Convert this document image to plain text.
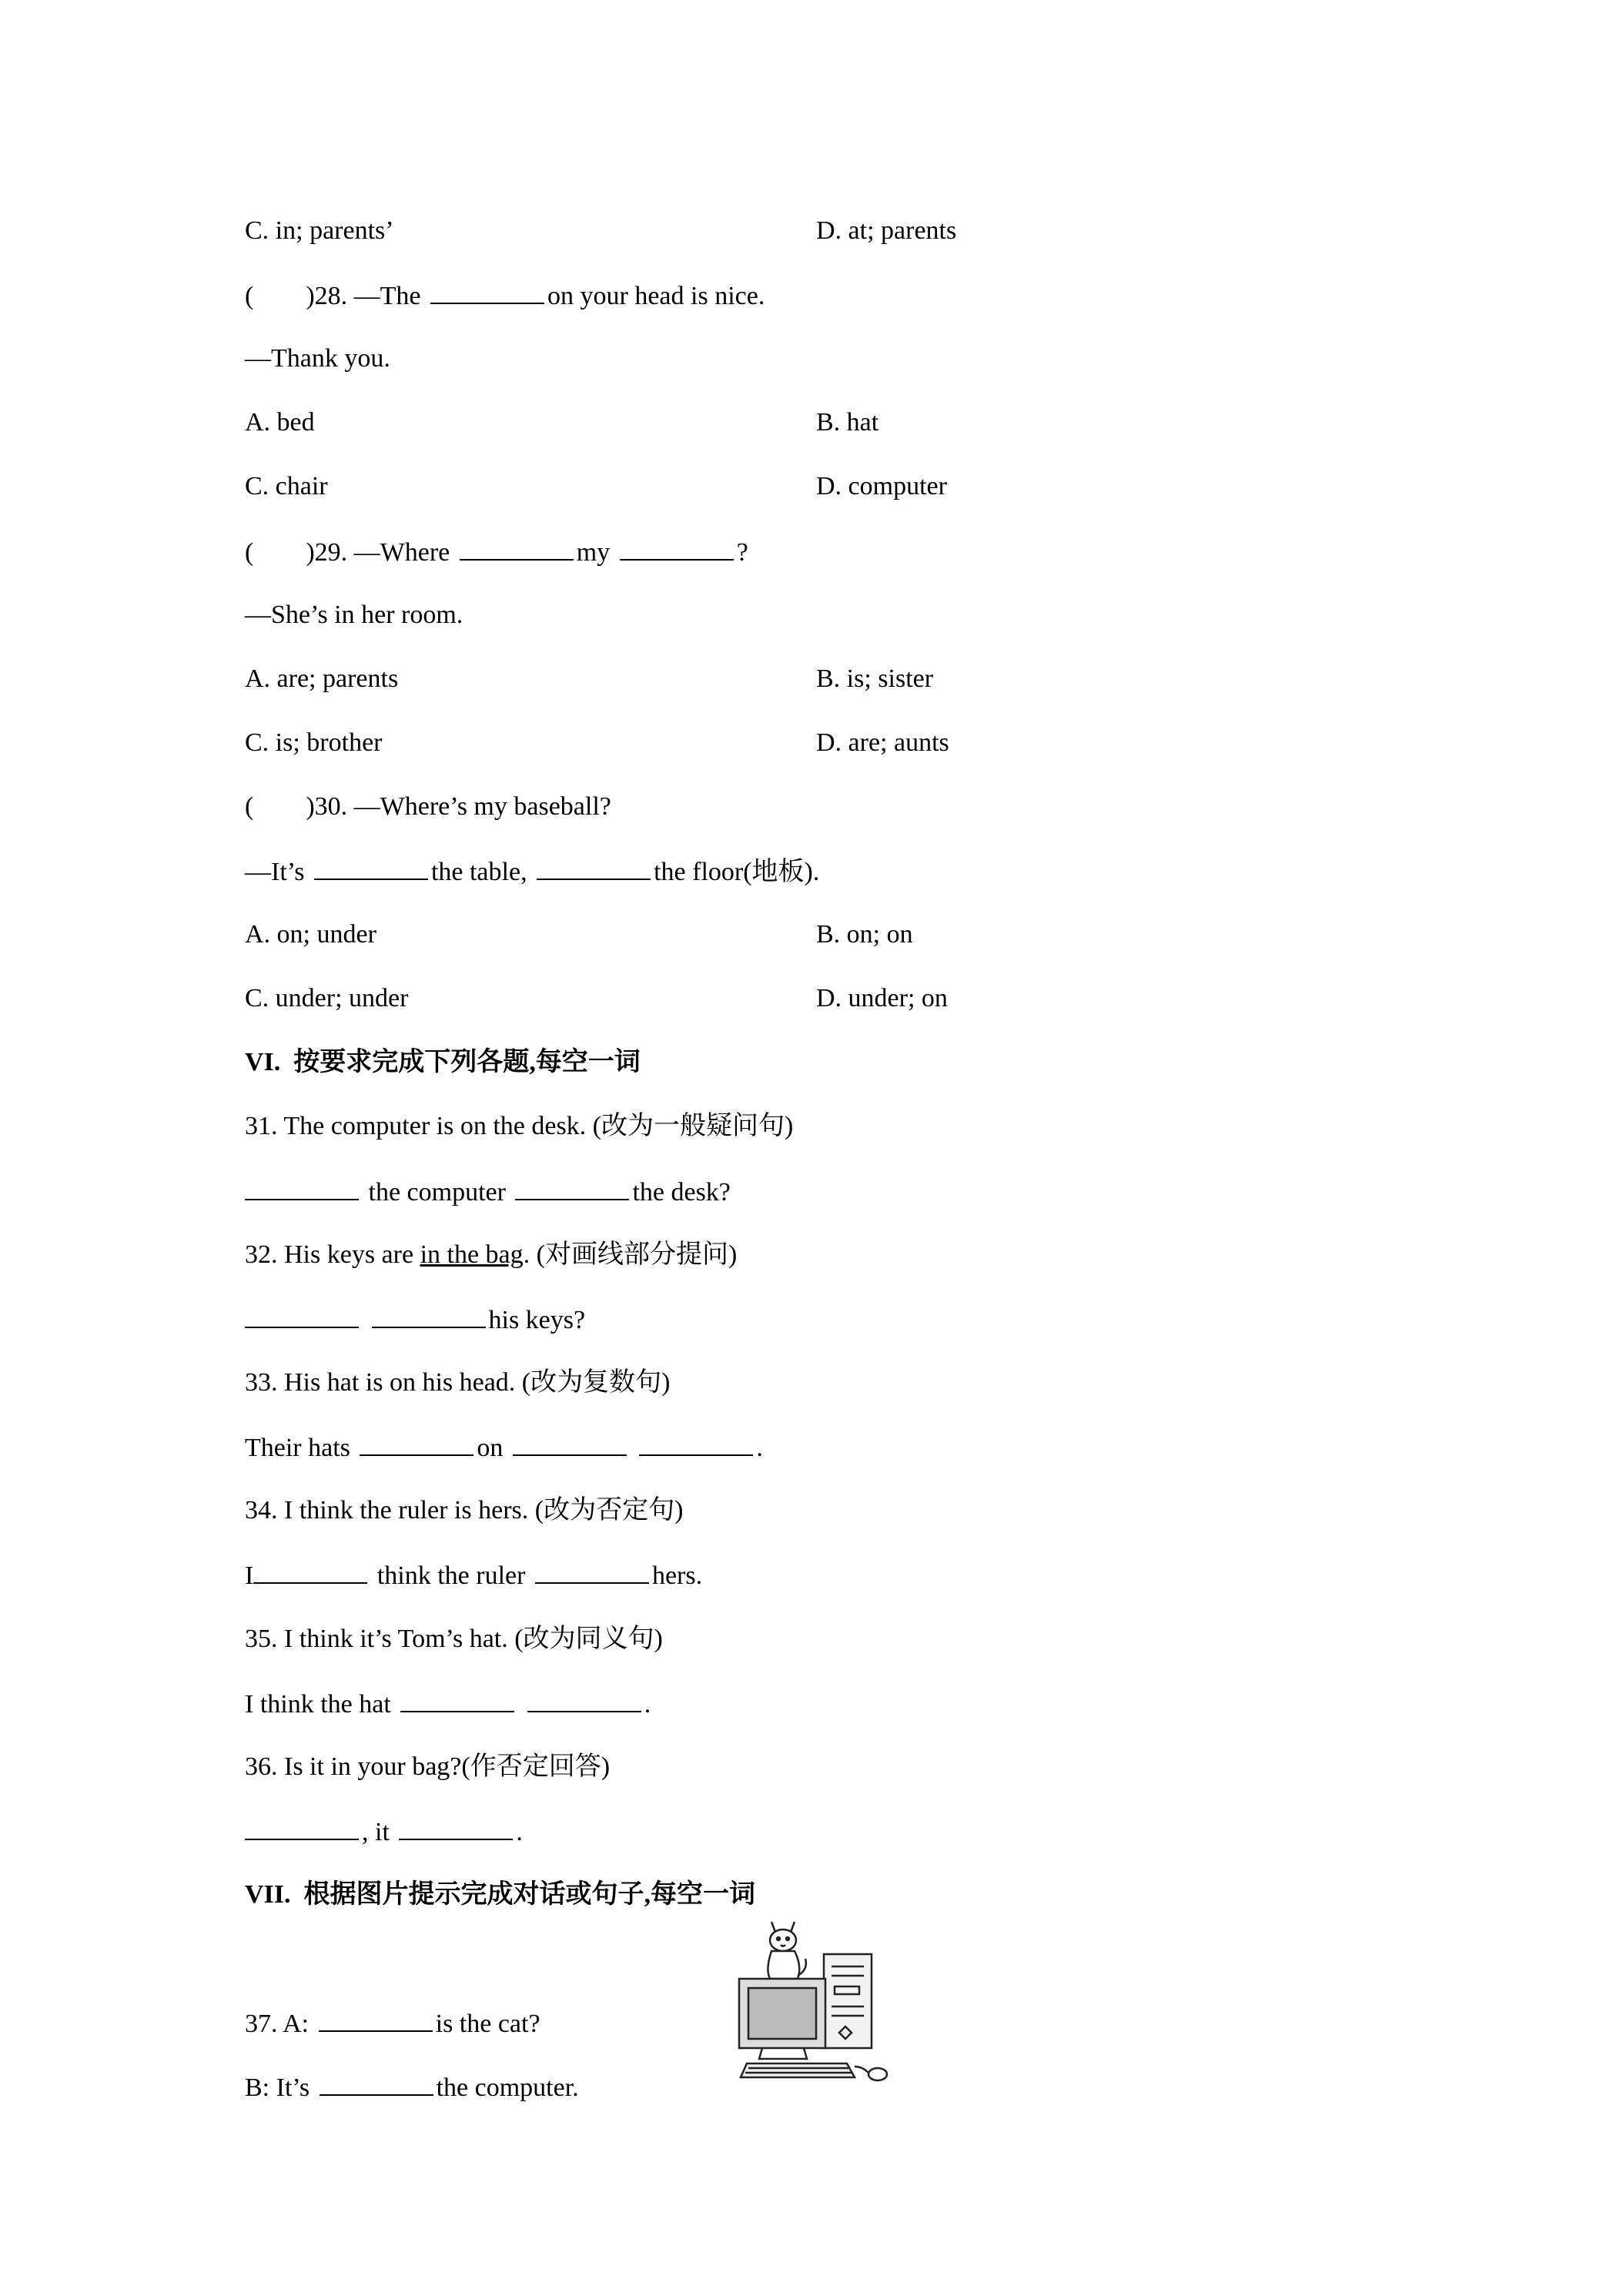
C. in; parents’	D. at; parents
(        )28. —The	on your head is nice.
—Thank you.
A. bed	B. hat
C. chair	D. computer
(        )29. —Where	my	?
—She’s in her room.
A. are; parents	B. is; sister
C. is; brother	D. are; aunts
(        )30. —Where’s my baseball?
—It’s	the table,	the floor(地板).
A. on; under	B. on; on
C. under; under	D. under; on
VI.  按要求完成下列各题,每空一词
31. The computer is on the desk. (改为一般疑问句)
the computer	the desk?
32. His keys are in the bag. (对画线部分提问)
his keys?
33. His hat is on his head. (改为复数句)
Their hats	on	.
34. I think the ruler is hers. (改为否定句)
I	think the ruler	hers.
35. I think it’s Tom’s hat. (改为同义句)
I think the hat	.
36. Is it in your bag?(作否定回答)
, it	.
VII.  根据图片提示完成对话或句子,每空一词
37. A:	is the cat?
B: It’s	the computer.
